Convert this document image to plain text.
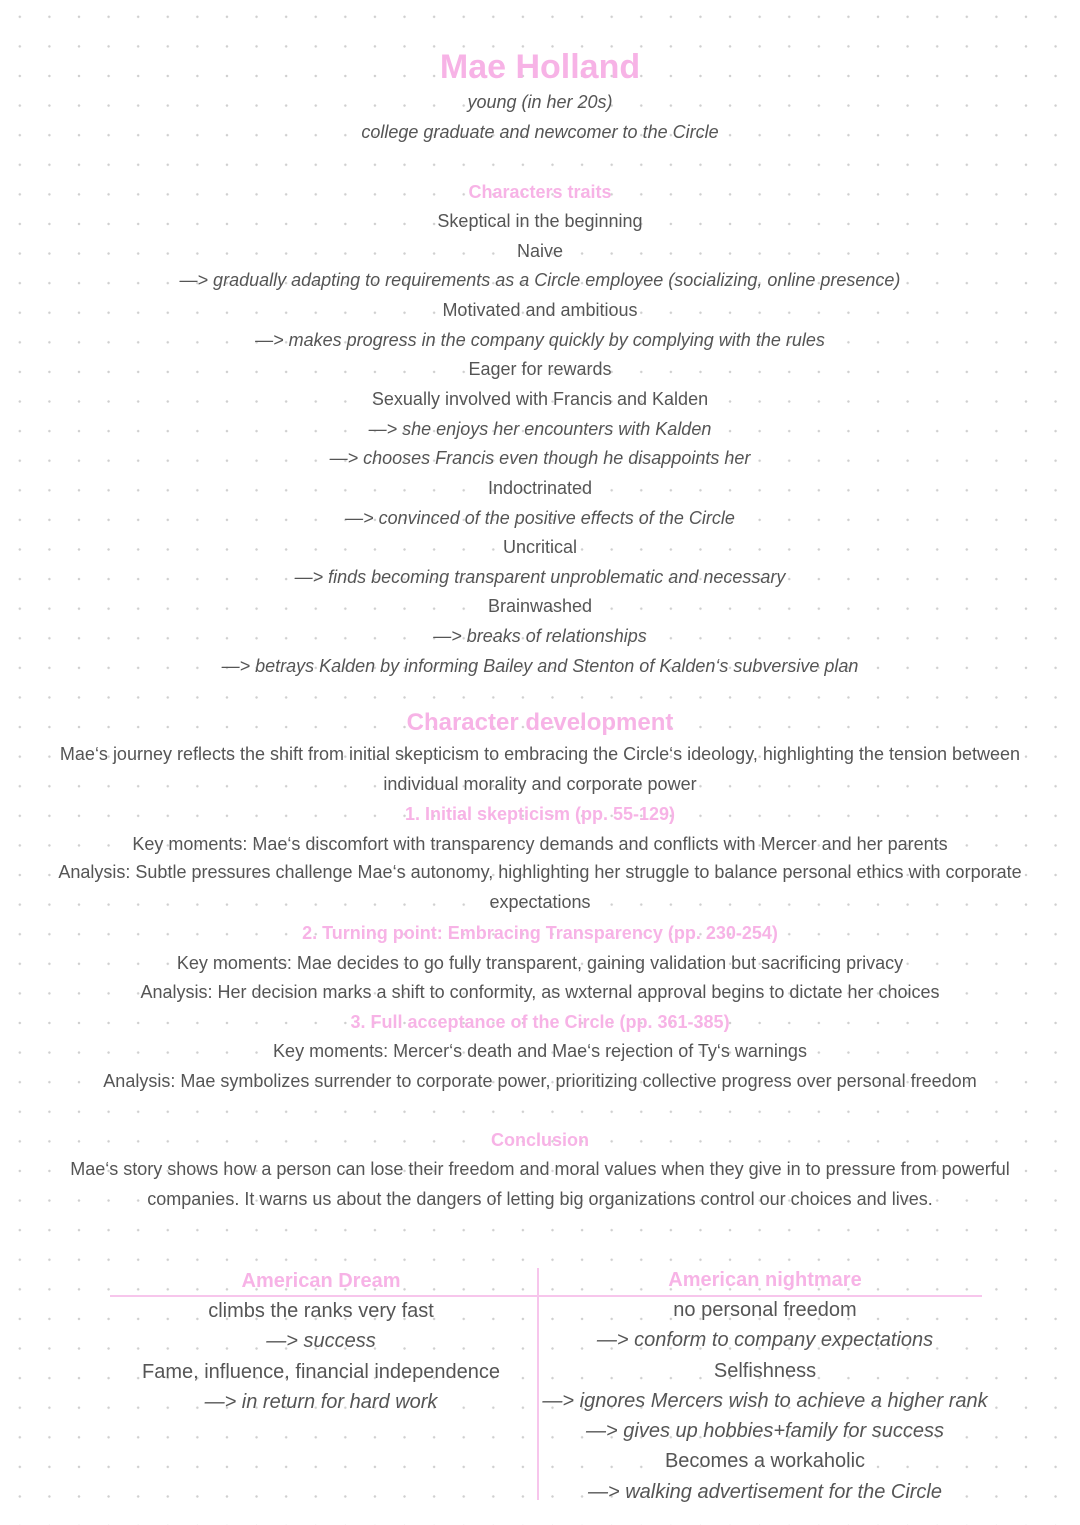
Mae Holland
young (in her 20s)
college graduate and newcomer to the Circle
Characters traits
Skeptical in the beginning
Naive
—> gradually adapting to requirements as a Circle employee (socializing, online presence)
Motivated and ambitious
—> makes progress in the company quickly by complying with the rules
Eager for rewards
Sexually involved with Francis and Kalden
—> she enjoys her encounters with Kalden
—> chooses Francis even though he disappoints her
Indoctrinated
—> convinced of the positive effects of the Circle
Uncritical
—> finds becoming transparent unproblematic and necessary
Brainwashed
—> breaks of relationships
—> betrays Kalden by informing Bailey and Stenton of Kalden‘s subversive plan
Character development
Mae‘s journey reflects the shift from initial skepticism to embracing the Circle‘s ideology, highlighting the tension between individual morality and corporate power
1. Initial skepticism (pp. 55-129)
Key moments: Mae‘s discomfort with transparency demands and conflicts with Mercer and her parents
Analysis: Subtle pressures challenge Mae‘s autonomy, highlighting her struggle to balance personal ethics with corporate expectations
2. Turning point: Embracing Transparency (pp. 230-254)
Key moments: Mae decides to go fully transparent, gaining validation but sacrificing privacy
Analysis: Her decision marks a shift to conformity, as wxternal approval begins to dictate her choices
3. Full acceptance of the Circle (pp. 361-385)
Key moments: Mercer‘s death and Mae‘s rejection of Ty‘s warnings
Analysis: Mae symbolizes surrender to corporate power, prioritizing collective progress over personal freedom
Conclusion
Mae‘s story shows how a person can lose their freedom and moral values when they give in to pressure from powerful companies. It warns us about the dangers of letting big organizations control our choices and lives.
American Dream
climbs the ranks very fast
—> success
Fame, influence, financial independence
—> in return for hard work
American nightmare
no personal freedom
—> conform to company expectations
Selfishness
—> ignores Mercers wish to achieve a higher rank
—> gives up hobbies+family for success
Becomes a workaholic
—> walking advertisement for the Circle
